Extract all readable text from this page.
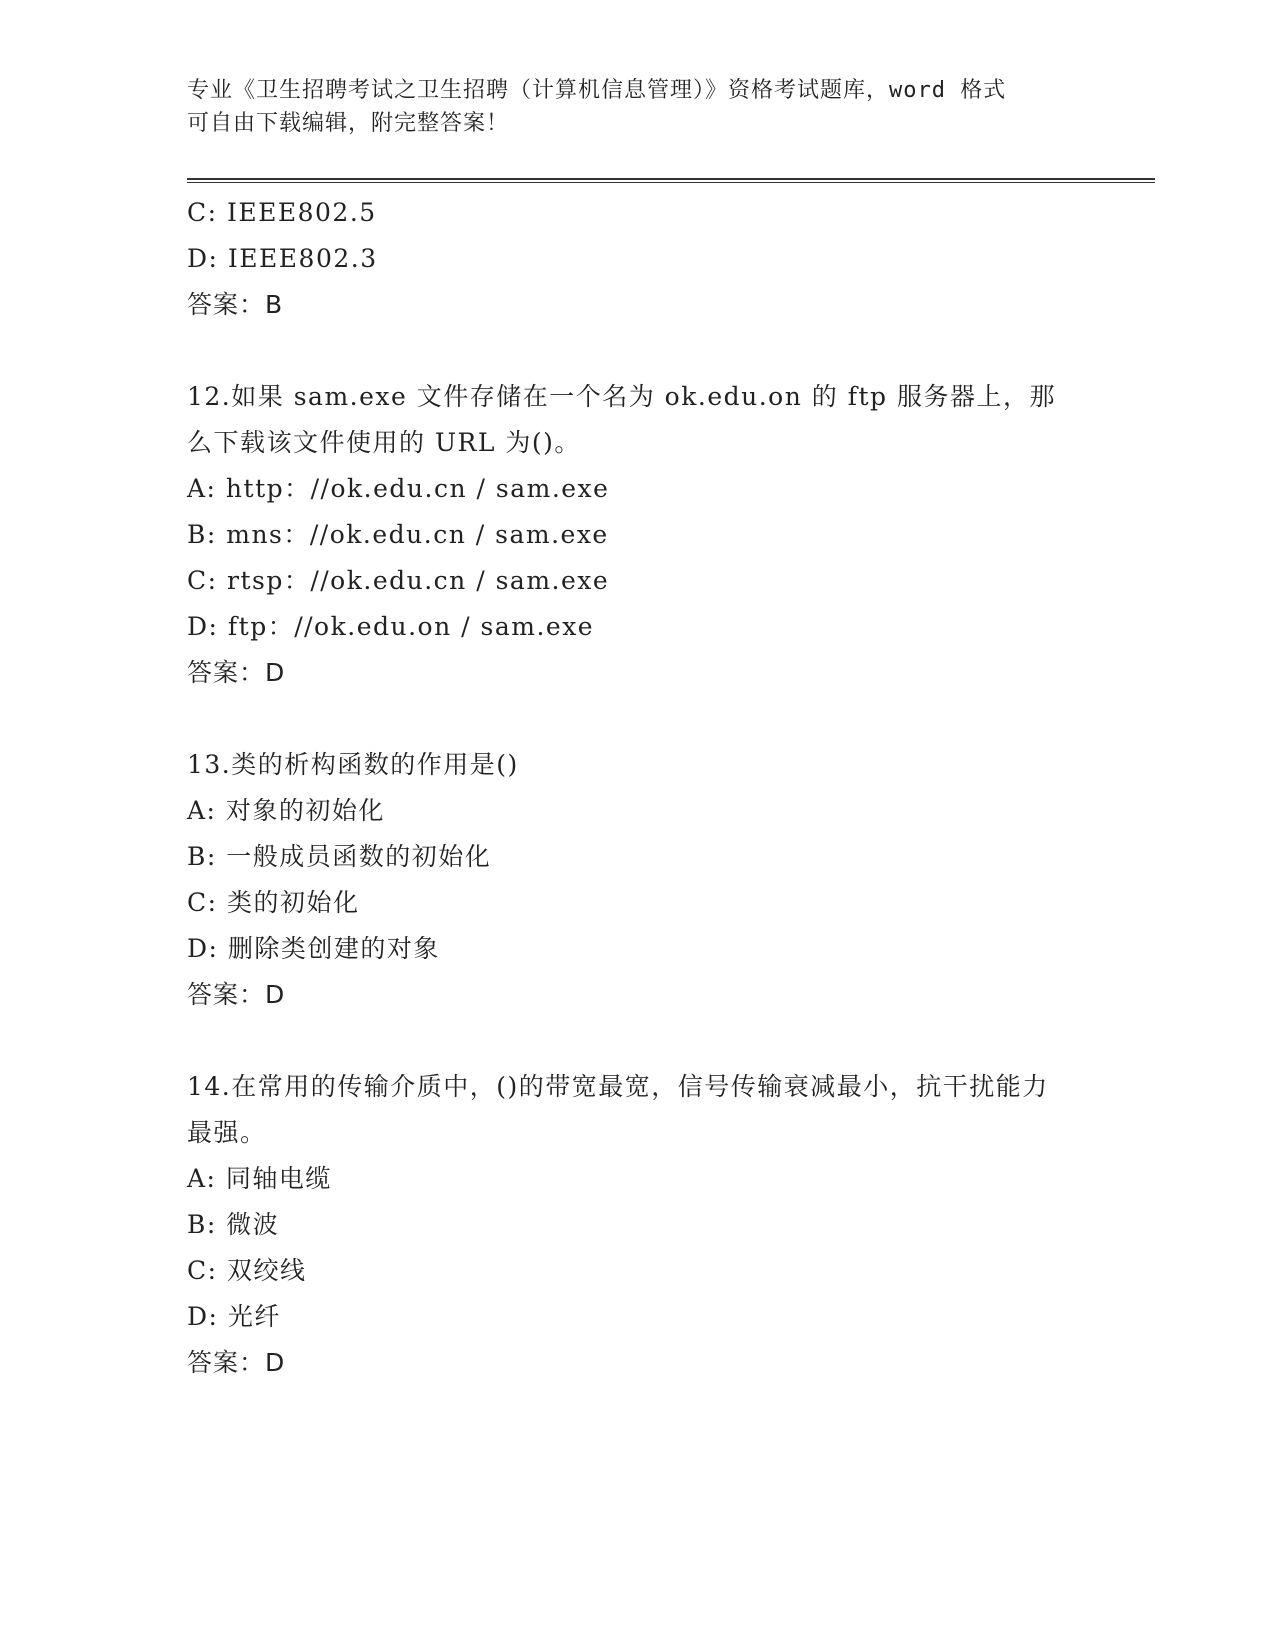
专业《卫生招聘考试之卫生招聘（计算机信息管理）》资格考试题库，word 格式
可自由下载编辑，附完整答案！

C: IEEE802.5

D: IEEE802.3

答案：B

12.如果 sam.exe 文件存储在一个名为 ok.edu.on 的 ftp 服务器上，那么下载该文件使用的 URL 为()。

A: http：//ok.edu.cn / sam.exe

B: mns：//ok.edu.cn / sam.exe

C: rtsp：//ok.edu.cn / sam.exe

D: ftp：//ok.edu.on / sam.exe

答案：D

13.类的析构函数的作用是()

A: 对象的初始化

B: 一般成员函数的初始化

C: 类的初始化

D: 删除类创建的对象

答案：D

14.在常用的传输介质中，()的带宽最宽，信号传输衰减最小，抗干扰能力最强。

A: 同轴电缆

B: 微波

C: 双绞线

D: 光纤

答案：D
